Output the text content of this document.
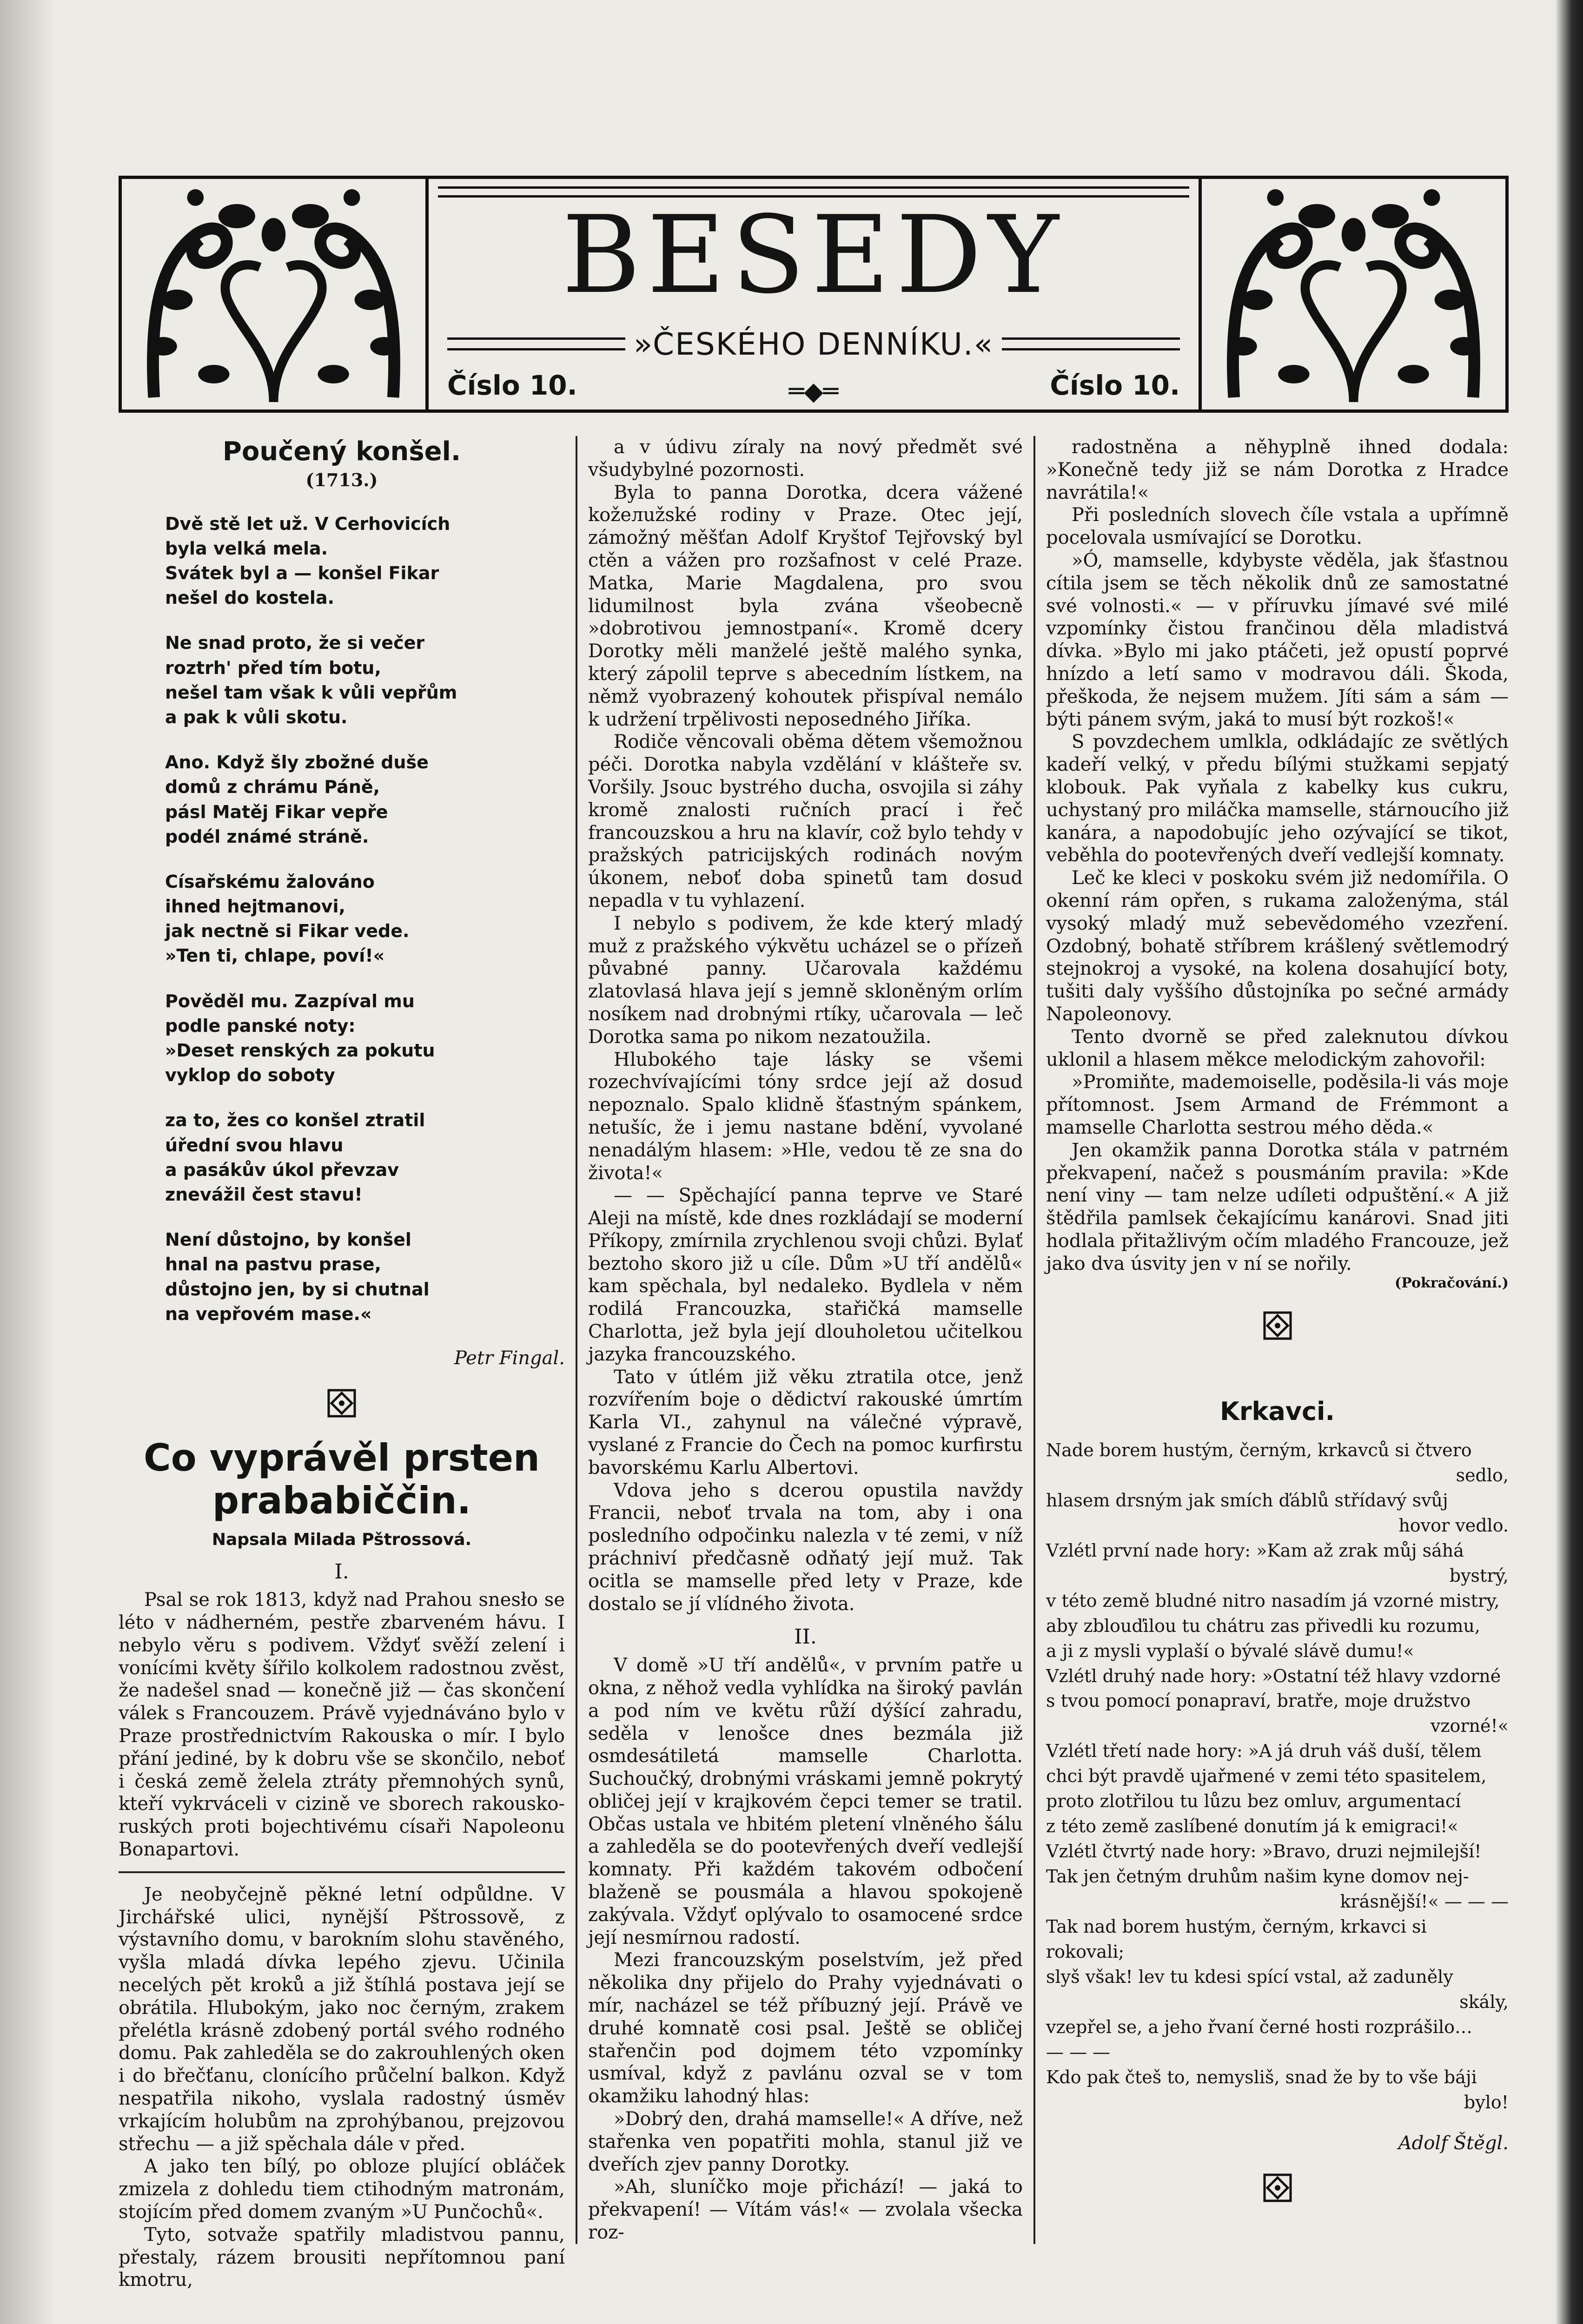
BESEDY
»ČESKÉHO DENNÍKU.«
Číslo 10.	═◆═	Číslo 10.
Poučený konšel.
(1713.)
Dvě stě let už. V Cerhovicích
byla velká mela.
Svátek byl a — konšel Fikar
nešel do kostela.
Ne snad proto, že si večer
roztrh' před tím botu,
nešel tam však k vůli vepřům
a pak k vůli skotu.
Ano. Když šly zbožné duše
domů z chrámu Páně,
pásl Matěj Fikar vepře
podél známé stráně.
Císařskému žalováno
ihned hejtmanovi,
jak nectně si Fikar vede.
»Ten ti, chlape, poví!«
Pověděl mu. Zazpíval mu
podle panské noty:
»Deset renských za pokutu
vyklop do soboty
za to, žes co konšel ztratil
úřední svou hlavu
a pasákův úkol převzav
znevážil čest stavu!
Není důstojno, by konšel
hnal na pastvu prase,
důstojno jen, by si chutnal
na vepřovém mase.«

Petr Fingal.

Co vyprávěl prsten prababiččin.
Napsala Milada Pštrossová.
I.

Psal se rok 1813, když nad Prahou snesło se léto v nádherném, pestře zbarveném hávu. I nebylo věru s podivem. Vždyť svěží zelení i vonícími květy šířilo kolkolem radostnou zvěst, že nadešel snad — konečně již — čas skončení válek s Francouzem. Právě vyjednáváno bylo v Praze prostřednictvím Rakouska o mír. I bylo přání jediné, by k dobru vše se skončilo, neboť i česká země želela ztráty přemnohých synů, kteří vykrváceli v cizině ve sborech rakousko-ruských proti bojechtivému císaři Napoleonu Bonapartovi.

Je neobyčejně pěkné letní odpůldne. V Jirchářské ulici, nynější Pštrossově, z výstavního domu, v barokním slohu stavěného, vyšla mladá dívka lepého zjevu. Učinila necelých pět kroků a již štíhlá postava její se obrátila. Hlubokým, jako noc černým, zrakem přelétla krásně zdobený portál svého rodného domu. Pak zahleděla se do zakrouhlených oken i do břečťanu, clonícího průčelní balkon. Když nespatřila nikoho, vyslala radostný úsměv vrkajícím holubům na zprohýbanou, prejzovou střechu — a již spěchala dále v před.

A jako ten bílý, po obloze plující obláček zmizela z dohledu tiem ctihodným matronám, stojícím před domem zvaným »U Punčochů«.

Tyto, sotvaže spatřily mladistvou pannu, přestaly, rázem brousiti nepřítomnou paní kmotru,

a v údivu zíraly na nový předmět své všudybylné pozornosti.

Byla to panna Dorotka, dcera vážené kožeлužské rodiny v Praze. Otec její, zámožný měšťan Adolf Kryštof Tejřovský byl ctěn a vážen pro rozšafnost v celé Praze. Matka, Marie Magdalena, pro svou lidumilnost byla zvána všeobecně »dobrotivou jemnostpaní«. Kromě dcery Dorotky měli manželé ještě malého synka, který zápolil teprve s abecedním lístkem, na němž vyobrazený kohoutek přispíval nemálo k udržení trpělivosti neposedného Jiříka.

Rodiče věncovali oběma dětem všemožnou péči. Dorotka nabyla vzdělání v klášteře sv. Voršily. Jsouc bystrého ducha, osvojila si záhy kromě znalosti ručních prací i řeč francouzskou a hru na klavír, což bylo tehdy v pražských patricijských rodinách novým úkonem, neboť doba spinetů tam dosud nepadla v tu vyhlazení.

I nebylo s podivem, že kde který mladý muž z pražského výkvětu ucházel se o přízeň půvabné panny. Učarovala každému zlatovlasá hlava její s jemně skloněným orlím nosíkem nad drobnými rtíky, učarovala — leč Dorotka sama po nikom nezatoužila.

Hlubokého taje lásky se všemi rozechvívajícími tóny srdce její až dosud nepoznalo. Spalo klidně šťastným spánkem, netušíc, že i jemu nastane bdění, vyvolané nenadálým hlasem: »Hle, vedou tě ze sna do života!«

— — Spěchající panna teprve ve Staré Aleji na místě, kde dnes rozkládají se moderní Příkopy, zmírnila zrychlenou svoji chůzi. Bylať beztoho skoro již u cíle. Dům »U tří andělů« kam spěchala, byl nedaleko. Bydlela v něm rodilá Francouzka, stařičká mamselle Charlotta, jež byla její dlouholetou učitelkou jazyka francouzského.

Tato v útlém již věku ztratila otce, jenž rozvířením boje o dědictví rakouské úmrtím Karla VI., zahynul na válečné výpravě, vyslané z Francie do Čech na pomoc kurfirstu bavorskému Karlu Albertovi.

Vdova jeho s dcerou opustila navždy Francii, neboť trvala na tom, aby i ona posledního odpočinku nalezla v té zemi, v níž práchniví předčasně odňatý její muž. Tak ocitla se mamselle před lety v Praze, kde dostalo se jí vlídného života.

II.

V domě »U tří andělů«, v prvním patře u okna, z něhož vedla vyhlídka na široký pavlán a pod ním ve květu růží dýšící zahradu, seděla v lenošce dnes bezmála již osmdesátiletá mamselle Charlotta. Suchoučký, drobnými vráskami jemně pokrytý obličej její v krajkovém čepci temer se tratil. Občas ustala ve hbitém pletení vlněného šálu a zahleděla se do pootevřených dveří vedlejší komnaty. Při každém takovém odbočení blaženě se pousmála a hlavou spokojeně zakývala. Vždyť oplývalo to osamocené srdce její nesmírnou radostí.

Mezi francouzským poselstvím, jež před několika dny přijelo do Prahy vyjednávati o mír, nacházel se též příbuzný její. Právě ve druhé komnatě cosi psal. Ještě se obličej stařenčin pod dojmem této vzpomínky usmíval, když z pavlánu ozval se v tom okamžiku lahodný hlas:

»Dobrý den, drahá mamselle!« A dříve, než stařenka ven popatřiti mohla, stanul již ve dveřích zjev panny Dorotky.

»Ah, sluníčko moje přichází! — jaká to překvapení! — Vítám vás!« — zvolala všecka roz-

radostněna a něhyplně ihned dodala: »Konečně tedy již se nám Dorotka z Hradce navrátila!«

Při posledních slovech číle vstala a upřímně pocelovala usmívající se Dorotku.

»Ó, mamselle, kdybyste věděla, jak šťastnou cítila jsem se těch několik dnů ze samostatné své volnosti.« — v příruvku jímavé své milé vzpomínky čistou frančinou děla mladistvá dívka. »Bylo mi jako ptáčeti, jež opustí poprvé hnízdo a letí samo v modravou dáli. Škoda, přeškoda, že nejsem mužem. Jíti sám a sám — býti pánem svým, jaká to musí být rozkoš!«

S povzdechem umlkla, odkládajíc ze světlých kadeří velký, v předu bílými stužkami sepjatý klobouk. Pak vyňala z kabelky kus cukru, uchystaný pro miláčka mamselle, stárnoucího již kanára, a napodobujíc jeho ozývající se tikot, veběhla do pootevřených dveří vedlejší komnaty.

Leč ke kleci v poskoku svém již nedomířila. O okenní rám opřen, s rukama založenýma, stál vysoký mladý muž sebevědomého vzezření. Ozdobný, bohatě stříbrem krášlený světlemodrý stejnokroj a vysoké, na kolena dosahující boty, tušiti daly vyššího důstojníka po sečné armády Napoleonovy.

Tento dvorně se před zaleknutou dívkou uklonil a hlasem měkce melodickým zahovořil:

»Promiňte, mademoiselle, poděsila-li vás moje přítomnost. Jsem Armand de Frémmont a mamselle Charlotta sestrou mého děda.«

Jen okamžik panna Dorotka stála v patrném překvapení, načež s pousmáním pravila: »Kde není viny — tam nelze udíleti odpuštění.« A již štědřila pamlsek čekajícímu kanárovi. Snad jiti hodlala přitažlivým očím mladého Francouze, jež jako dva úsvity jen v ní se nořily.

(Pokračování.)

Krkavci.
Nade borem hustým, černým, krkavců si čtvero
sedlo,
hlasem drsným jak smích ďáblů střídavý svůj
hovor vedlo.
Vzlétl první nade hory: »Kam až zrak můj sáhá
bystrý,
v této země bludné nitro nasadím já vzorné mistry,
aby zblouďilou tu chátru zas přivedli ku rozumu,
a ji z mysli vyplaší o bývalé slávě dumu!«
Vzlétl druhý nade hory: »Ostatní též hlavy vzdorné
s tvou pomocí ponapraví, bratře, moje družstvo
vzorné!«
Vzlétl třetí nade hory: »A já druh váš duší, tělem
chci být pravdě ujařmené v zemi této spasitelem,
proto zlotřilou tu lůzu bez omluv, argumentací
z této země zaslíbené donutím já k emigraci!«
Vzlétl čtvrtý nade hory: »Bravo, druzi nejmilejší!
Tak jen četným druhům našim kyne domov nej-
krásnější!« — — —
Tak nad borem hustým, černým, krkavci si rokovali;
slyš však! lev tu kdesi spící vstal, až zaduněly
skály,
vzepřel se, a jeho řvaní černé hosti rozprášilo…
— — —
Kdo pak čteš to, nemysliš, snad že by to vše báji
bylo!

Adolf Štěgl.
